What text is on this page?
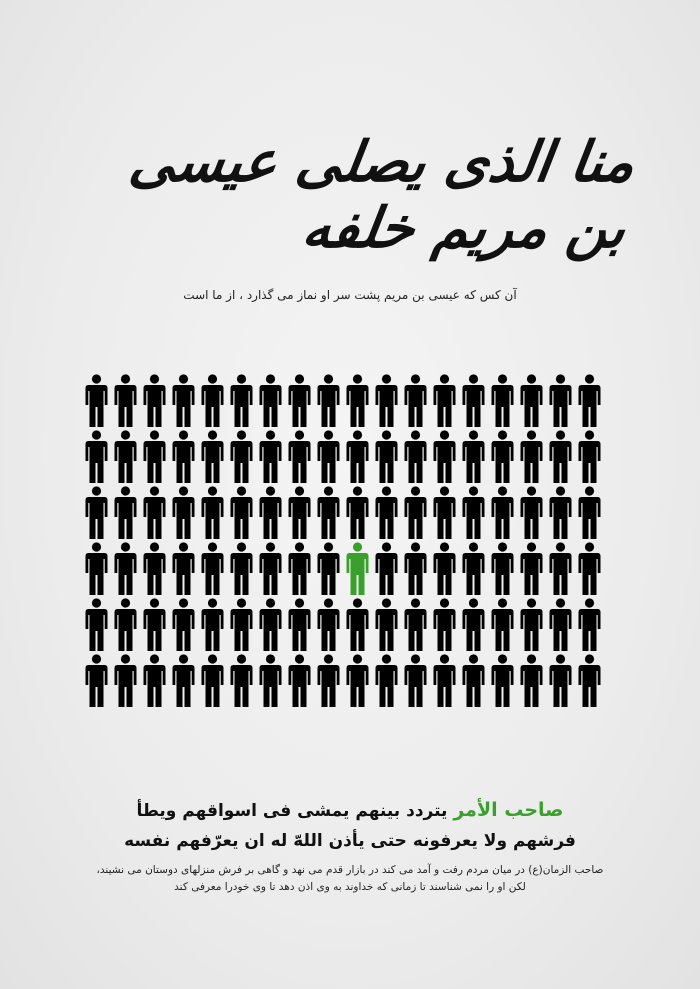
منا الذی یصلی عیسی بن مریم خلفه
آن کس که عیسی بن مریم پشت سر او نماز می گذارد ، از ما است
صاحب الأمر یتردد بینهم یمشی فی اسواقهم ویطأ
فرشهم ولا یعرفونه حتی یأذن اللهّ له ان یعرّفهم نفسه
صاحب الزمان(ع) در میان مردم رفت و آمد می کند در بازار قدم می نهد و گاهی بر فرش منزلهای دوستان می نشیند،
لکن او را نمی شناسند تا زمانی که خداوند به وی اذن دهد تا وی خودرا معرفی کند
